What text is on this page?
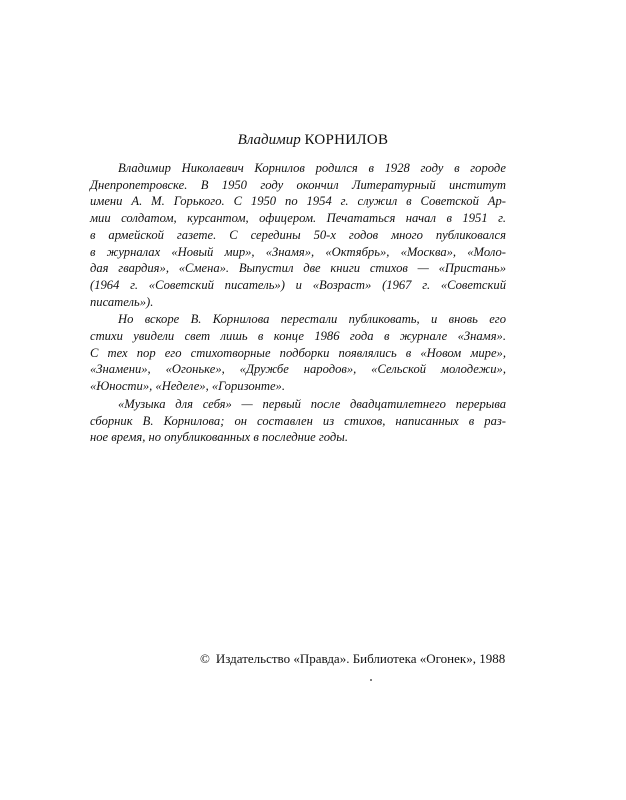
Владимир КОРНИЛОВ

Владимир Николаевич Корнилов родился в 1928 году в городе
Днепропетровске. В 1950 году окончил Литературный институт
имени А. М. Горького. С 1950 по 1954 г. служил в Советской Ар-
мии солдатом, курсантом, офицером. Печататься начал в 1951 г.
в армейской газете. С середины 50-х годов много публиковался
в журналах «Новый мир», «Знамя», «Октябрь», «Москва», «Моло-
дая гвардия», «Смена». Выпустил две книги стихов — «Пристань»
(1964 г. «Советский писатель») и «Возраст» (1967 г. «Советский
писатель»).

Но вскоре В. Корнилова перестали публиковать, и вновь его
стихи увидели свет лишь в конце 1986 года в журнале «Знамя».
С тех пор его стихотворные подборки появлялись в «Новом мире»,
«Знамени», «Огоньке», «Дружбе народов», «Сельской молодежи»,
«Юности», «Неделе», «Горизонте».

«Музыка для себя» — первый после двадцатилетнего перерыва
сборник В. Корнилова; он составлен из стихов, написанных в раз-
ное время, но опубликованных в последние годы.

© Издательство «Правда». Библиотека «Огонек», 1988
